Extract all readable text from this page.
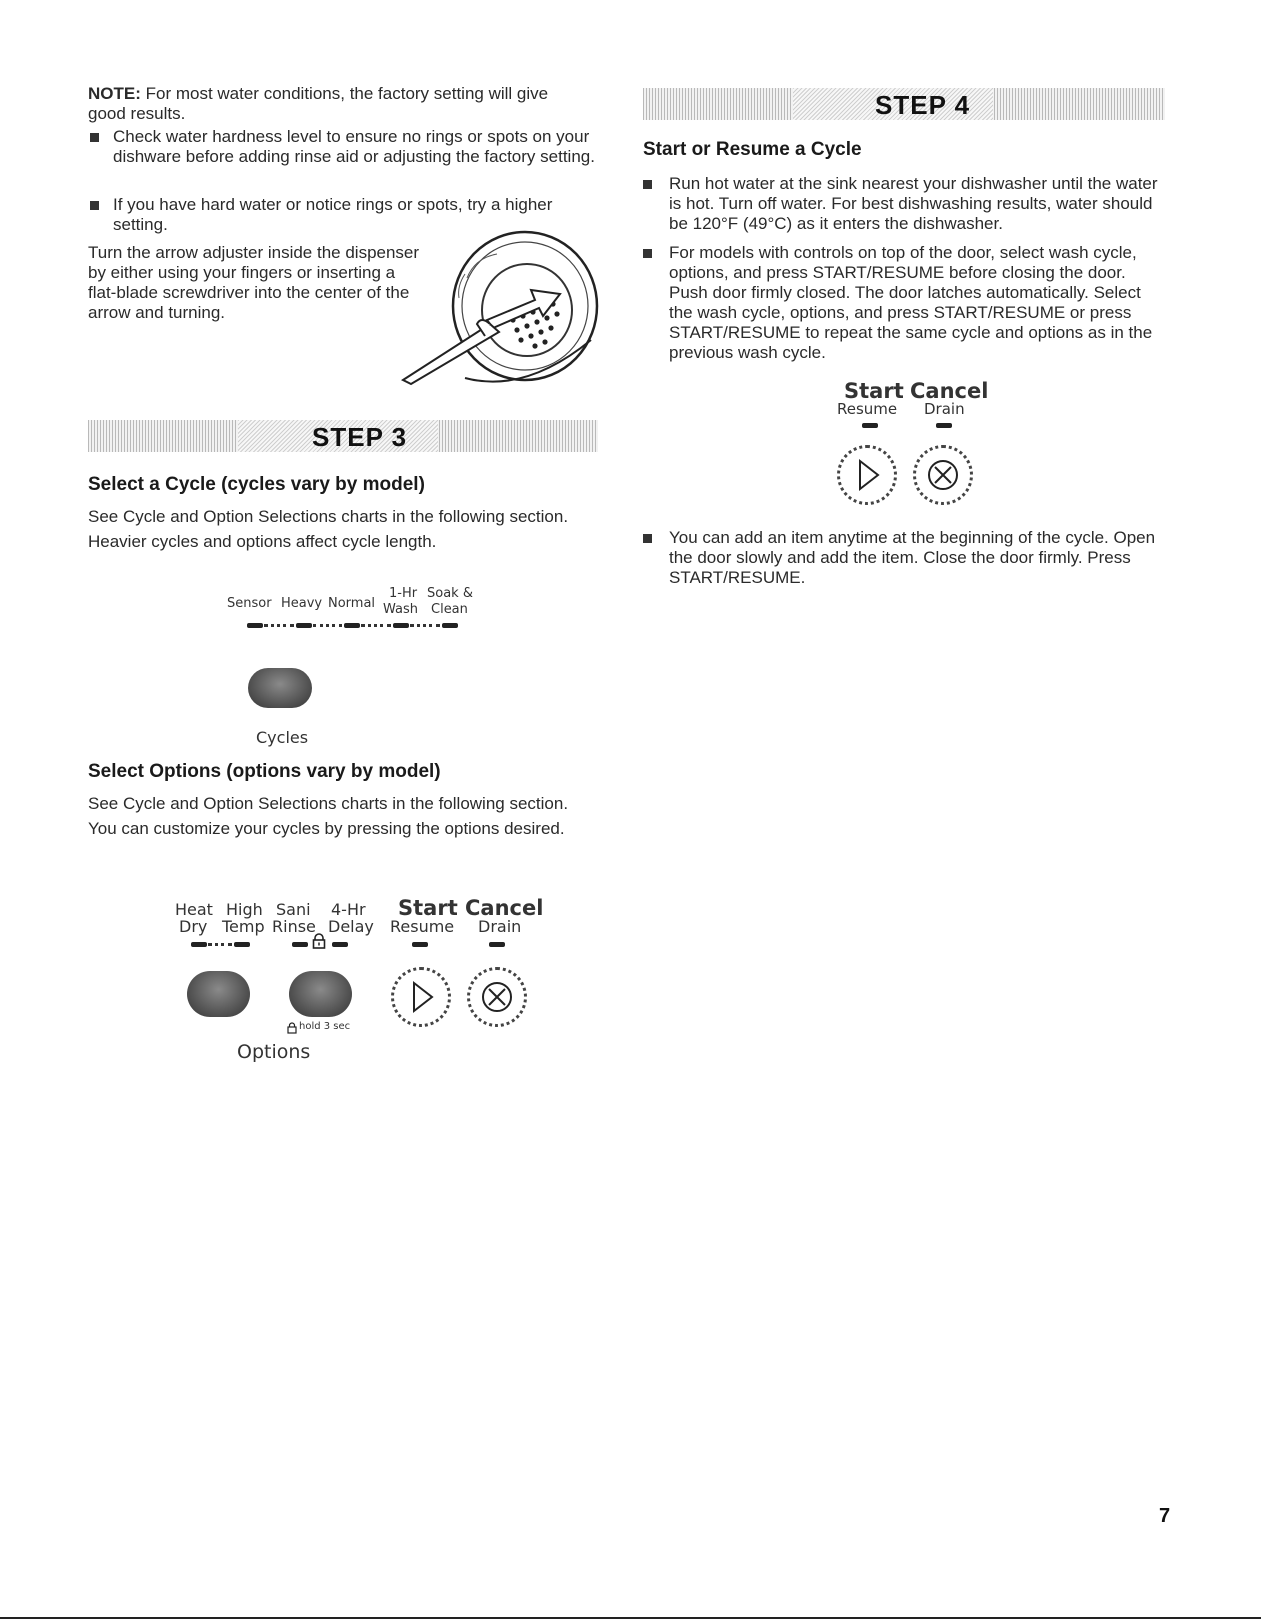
NOTE: For most water conditions, the factory setting will give good results.
Check water hardness level to ensure no rings or spots on your dishware before adding rinse aid or adjusting the factory setting.
If you have hard water or notice rings or spots, try a higher setting.
Turn the arrow adjuster inside the dispenser by either using your fingers or inserting a flat-blade screwdriver into the center of the arrow and turning.
STEP 3
Select a Cycle (cycles vary by model)
See Cycle and Option Selections charts in the following section.
Heavier cycles and options affect cycle length.
Sensor Heavy Normal
1-Hr
Wash
Soak &
Clean
Cycles
Select Options (options vary by model)
See Cycle and Option Selections charts in the following section.
You can customize your cycles by pressing the options desired.
Heat
Dry
High
Temp
Sani
Rinse
4-Hr
Delay
Start
Resume
Cancel
Drain
hold 3 sec
Options
STEP 4
Start or Resume a Cycle
Run hot water at the sink nearest your dishwasher until the water is hot. Turn off water. For best dishwashing results, water should be 120°F (49°C) as it enters the dishwasher.
For models with controls on top of the door, select wash cycle, options, and press START/RESUME before closing the door. Push door firmly closed. The door latches automatically. Select the wash cycle, options, and press START/RESUME or press START/RESUME to repeat the same cycle and options as in the previous wash cycle.
Start
Resume
Cancel
Drain
You can add an item anytime at the beginning of the cycle. Open the door slowly and add the item. Close the door firmly. Press START/RESUME.
7
